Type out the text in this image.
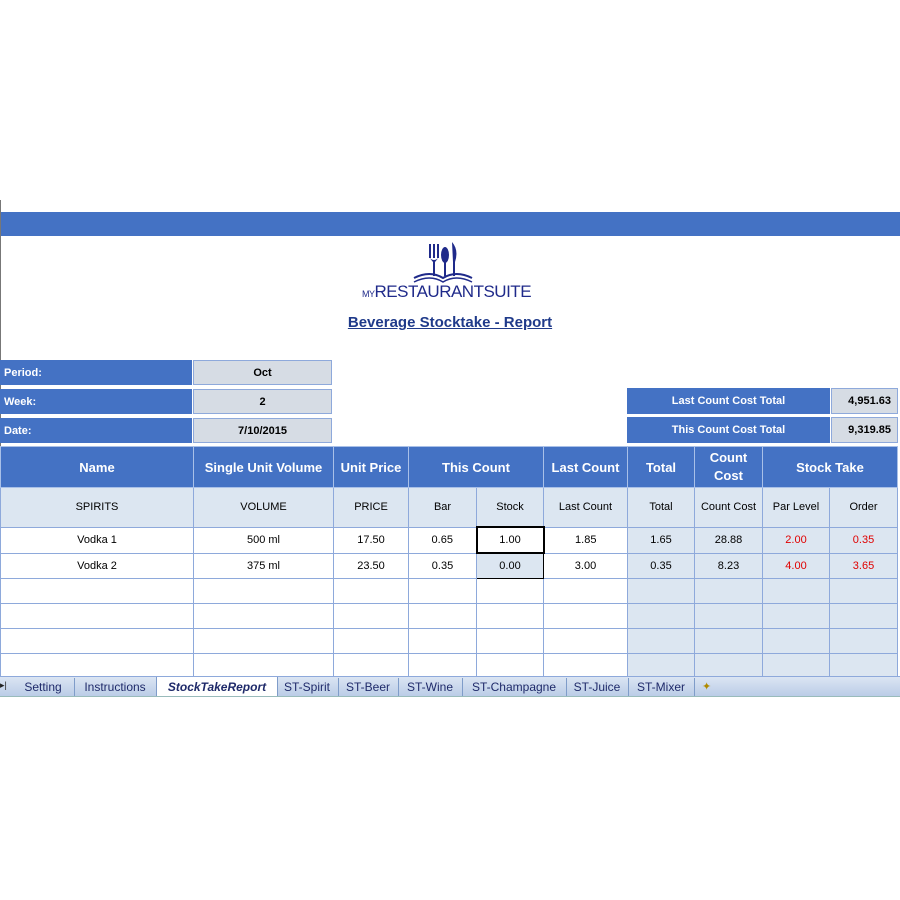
MYRESTAURANTSUITE
Beverage Stocktake - Report
Period:	Oct
Week:	2
Date:	7/10/2015
Last Count Cost Total	4,951.63
This Count Cost Total	9,319.85
Name	Single Unit Volume	Unit Price	This Count		Last Count	Total	Count Cost	Stock Take	
SPIRITS	VOLUME	PRICE	Bar	Stock	Last Count	Total	Count Cost	Par Level	Order
Vodka 1	500 ml	17.50	0.65	1.00	1.85	1.65	28.88	2.00	0.35
Vodka 2	375 ml	23.50	0.35	0.00	3.00	0.35	8.23	4.00	3.65

▸|	Setting	Instructions	StockTakeReport	ST-Spirit	ST-Beer	ST-Wine	ST-Champagne	ST-Juice	ST-Mixer	✦
